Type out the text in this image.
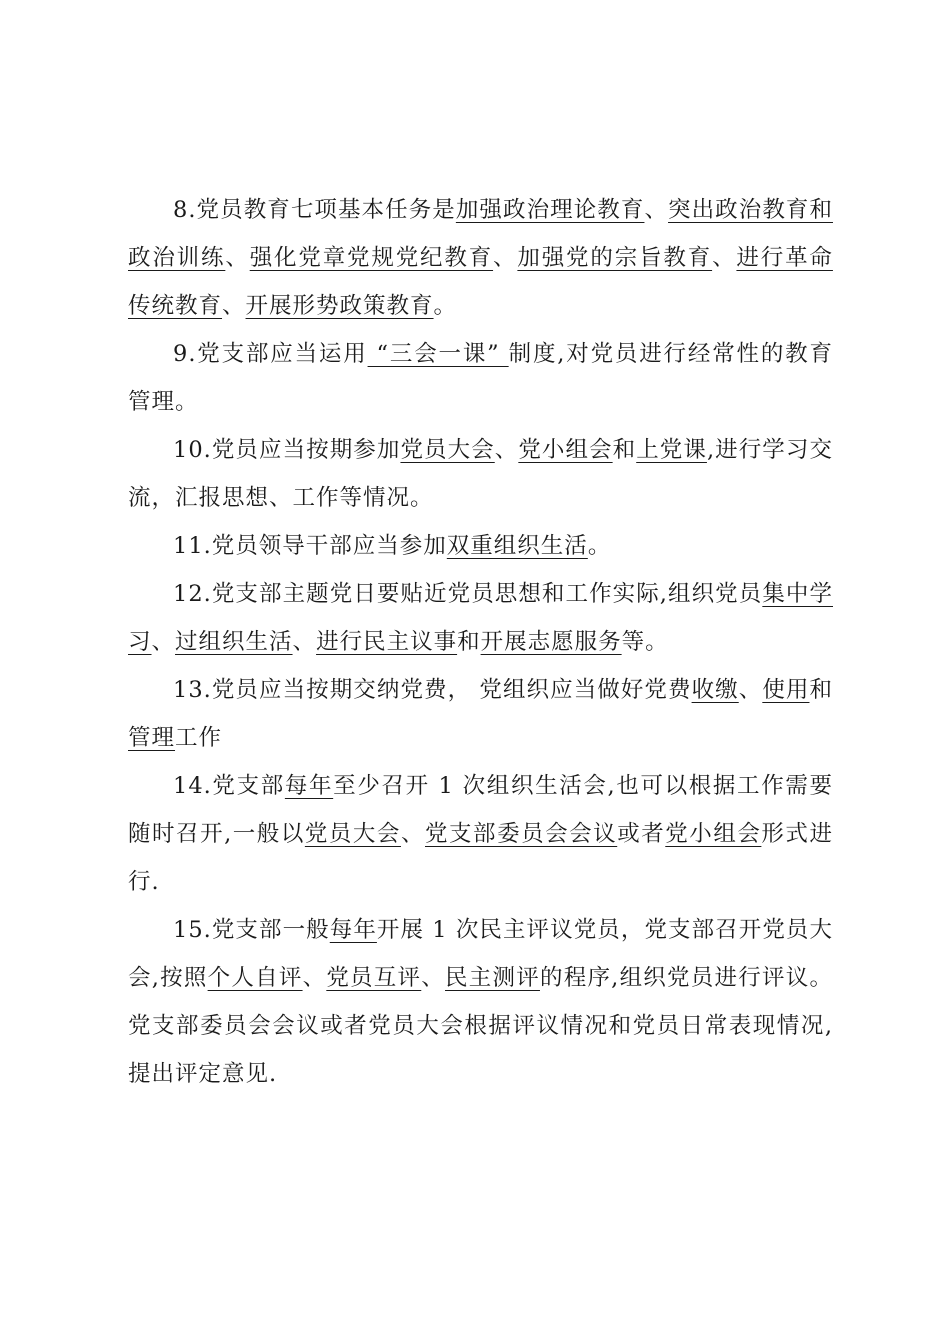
8.党员教育七项基本任务是加强政治理论教育、突出政治教育和政治训练、强化党章党规党纪教育、加强党的宗旨教育、进行革命传统教育、开展形势政策教育。

9.党支部应当运用 “三会一课” 制度,对党员进行经常性的教育管理。

10.党员应当按期参加党员大会、党小组会和上党课,进行学习交流，汇报思想、工作等情况。

11.党员领导干部应当参加双重组织生活。

12.党支部主题党日要贴近党员思想和工作实际,组织党员集中学习、过组织生活、进行民主议事和开展志愿服务等。

13.党员应当按期交纳党费， 党组织应当做好党费收缴、使用和管理工作

14.党支部每年至少召开 1 次组织生活会,也可以根据工作需要随时召开,一般以党员大会、党支部委员会会议或者党小组会形式进行.

15.党支部一般每年开展 1 次民主评议党员，党支部召开党员大会,按照个人自评、党员互评、民主测评的程序,组织党员进行评议。党支部委员会会议或者党员大会根据评议情况和党员日常表现情况,提出评定意见.
